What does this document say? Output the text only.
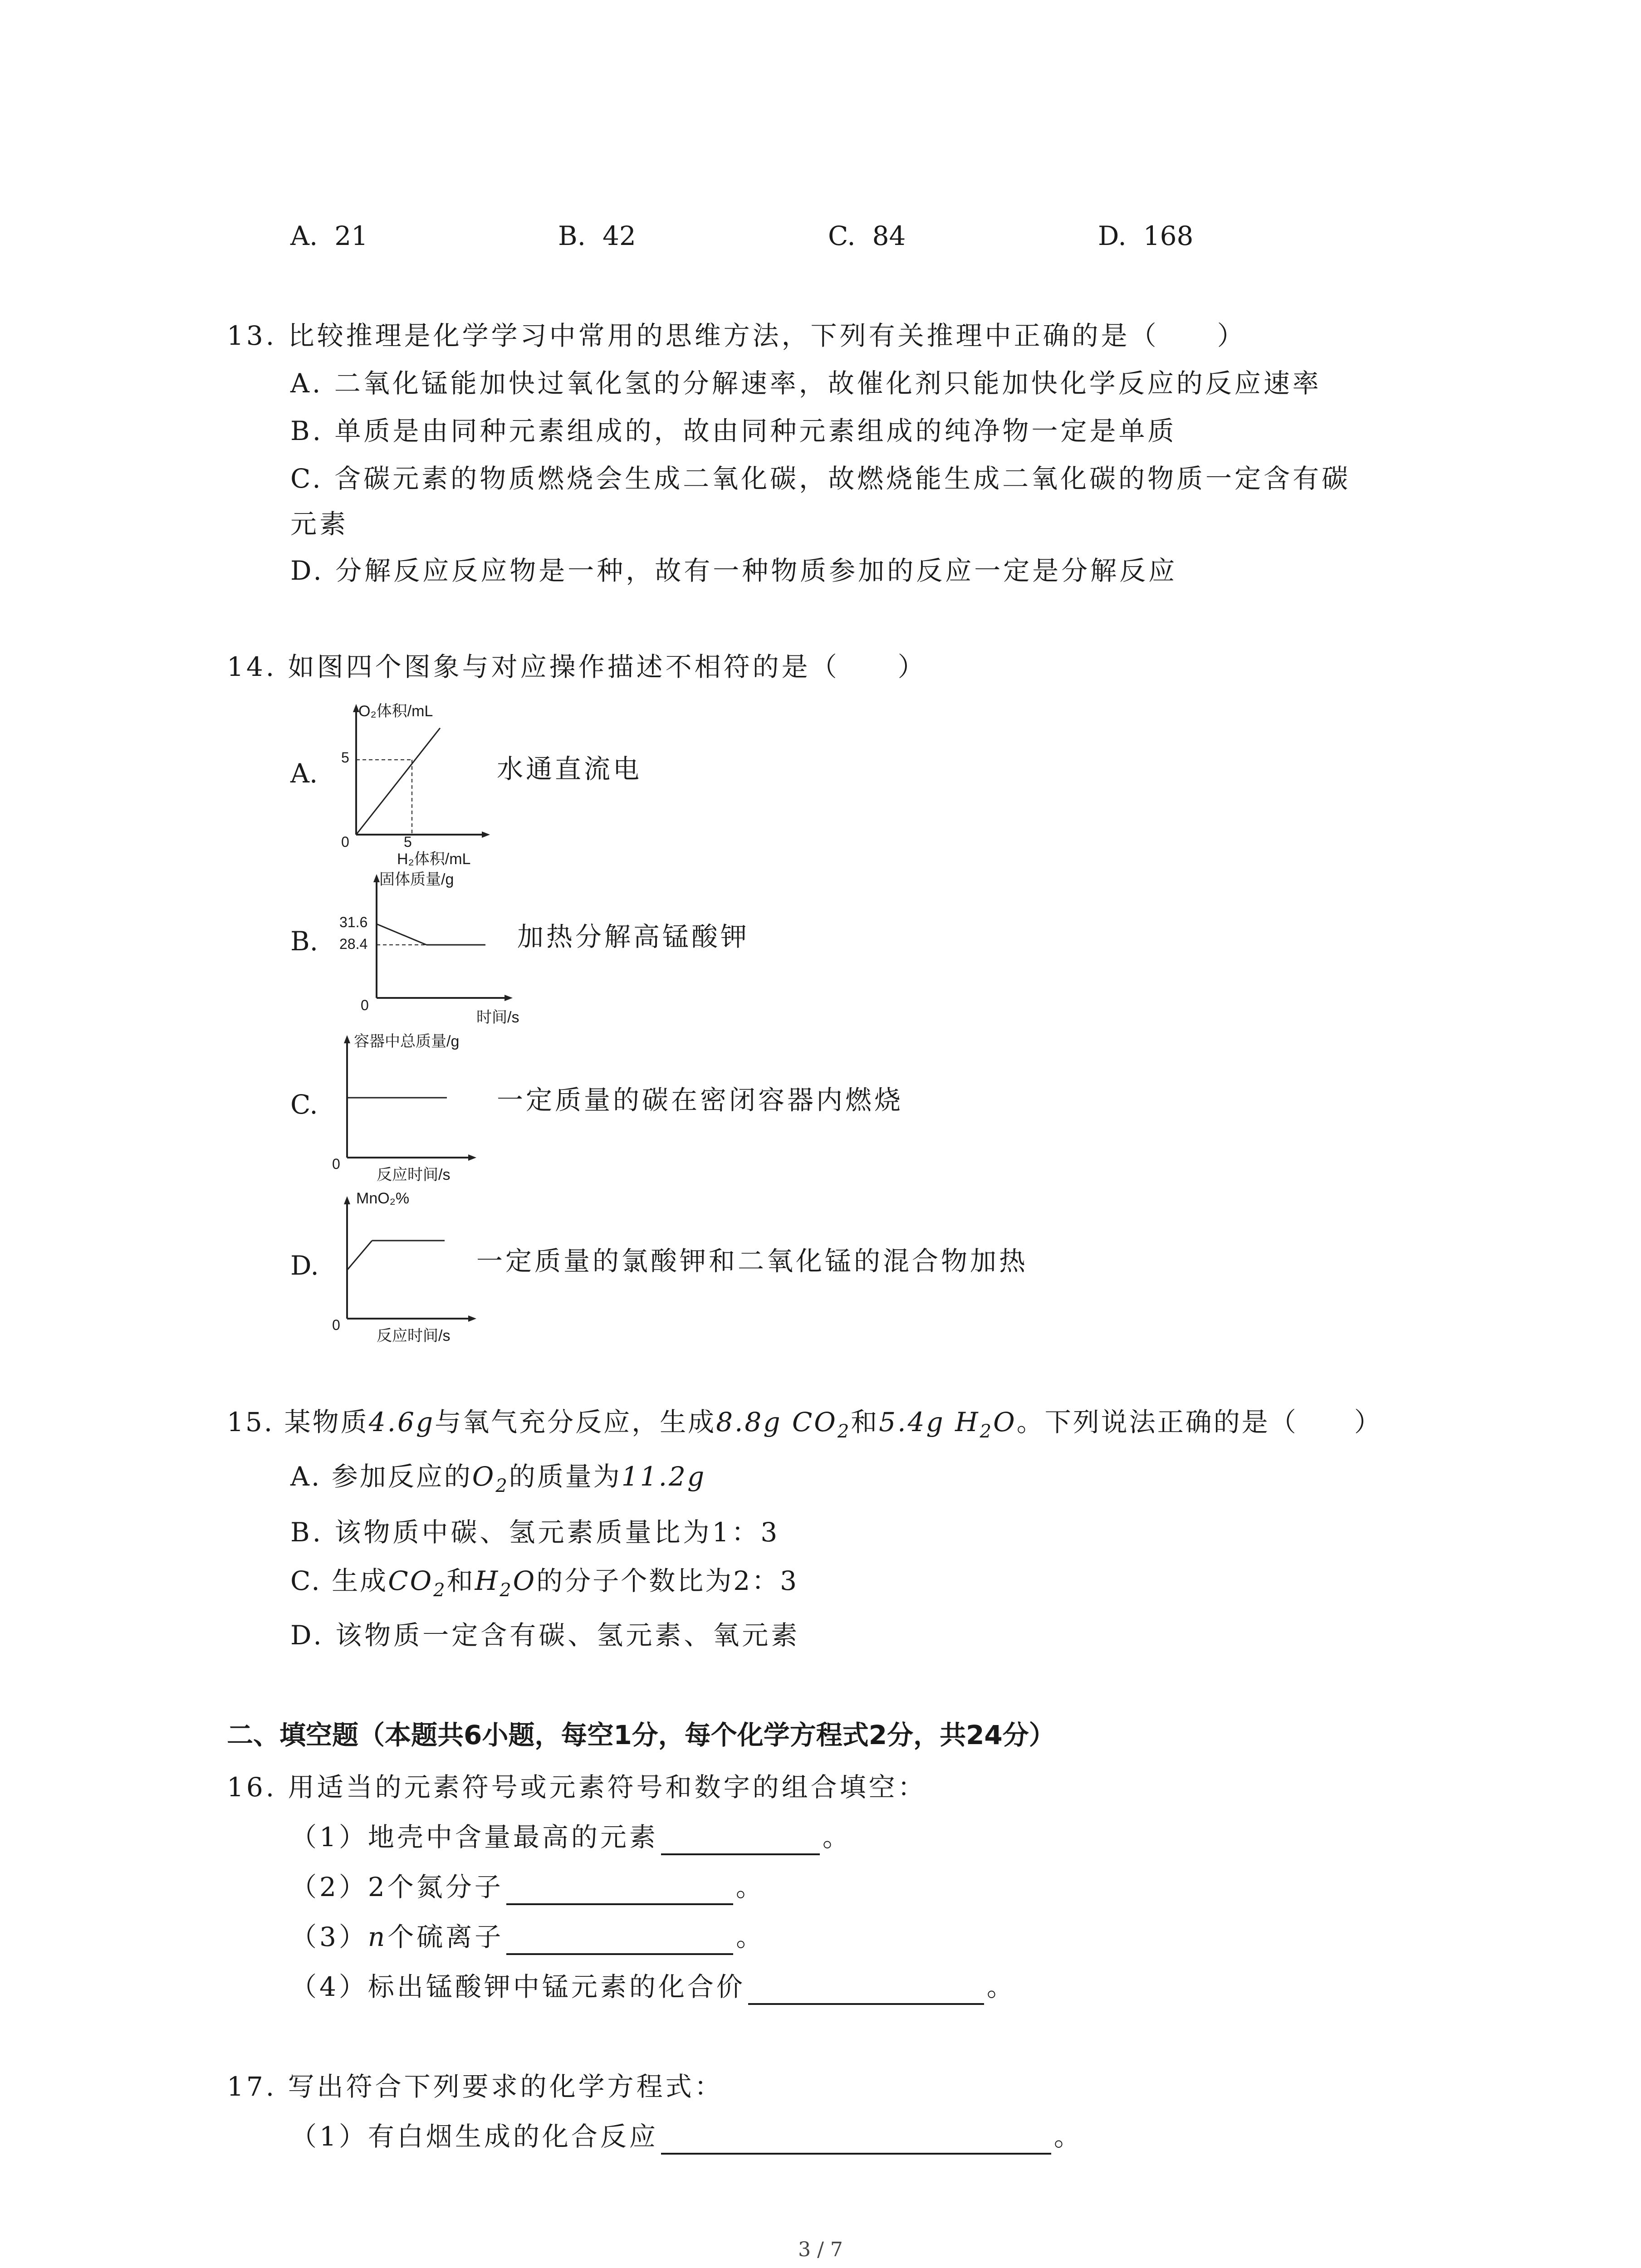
A. 21	B. 42	C. 84	D. 168
13. 比较推理是化学学习中常用的思维方法，下列有关推理中正确的是（　　）
A. 二氧化锰能加快过氧化氢的分解速率，故催化剂只能加快化学反应的反应速率
B. 单质是由同种元素组成的，故由同种元素组成的纯净物一定是单质
C. 含碳元素的物质燃烧会生成二氧化碳，故燃烧能生成二氧化碳的物质一定含有碳
元素
D. 分解反应反应物是一种，故有一种物质参加的反应一定是分解反应
14. 如图四个图象与对应操作描述不相符的是（　　）
A.
O₂体积/mL
5
5
0
H₂体积/mL
水通直流电
B.
固体质量/g
31.6
28.4
0
时间/s
加热分解高锰酸钾
C.
容器中总质量/g
0
反应时间/s
一定质量的碳在密闭容器内燃烧
D.
MnO₂%
0
反应时间/s
一定质量的氯酸钾和二氧化锰的混合物加热
15. 某物质4.6g与氧气充分反应，生成8.8g $CO_2$和5.4g $H_2O$。下列说法正确的是（　　）
A. 参加反应的$O_2$的质量为11.2g
B. 该物质中碳、氢元素质量比为1：3
C. 生成$CO_2$和$H_2O$的分子个数比为2：3
D. 该物质一定含有碳、氢元素、氧元素
二、填空题（本题共6小题，每空1分，每个化学方程式2分，共24分）
16. 用适当的元素符号或元素符号和数字的组合填空：
（1）地壳中含量最高的元素	。
（2）2个氮分子	。
（3）n个硫离子	。
（4）标出锰酸钾中锰元素的化合价	。
17. 写出符合下列要求的化学方程式：
（1）有白烟生成的化合反应	。
3 / 7
